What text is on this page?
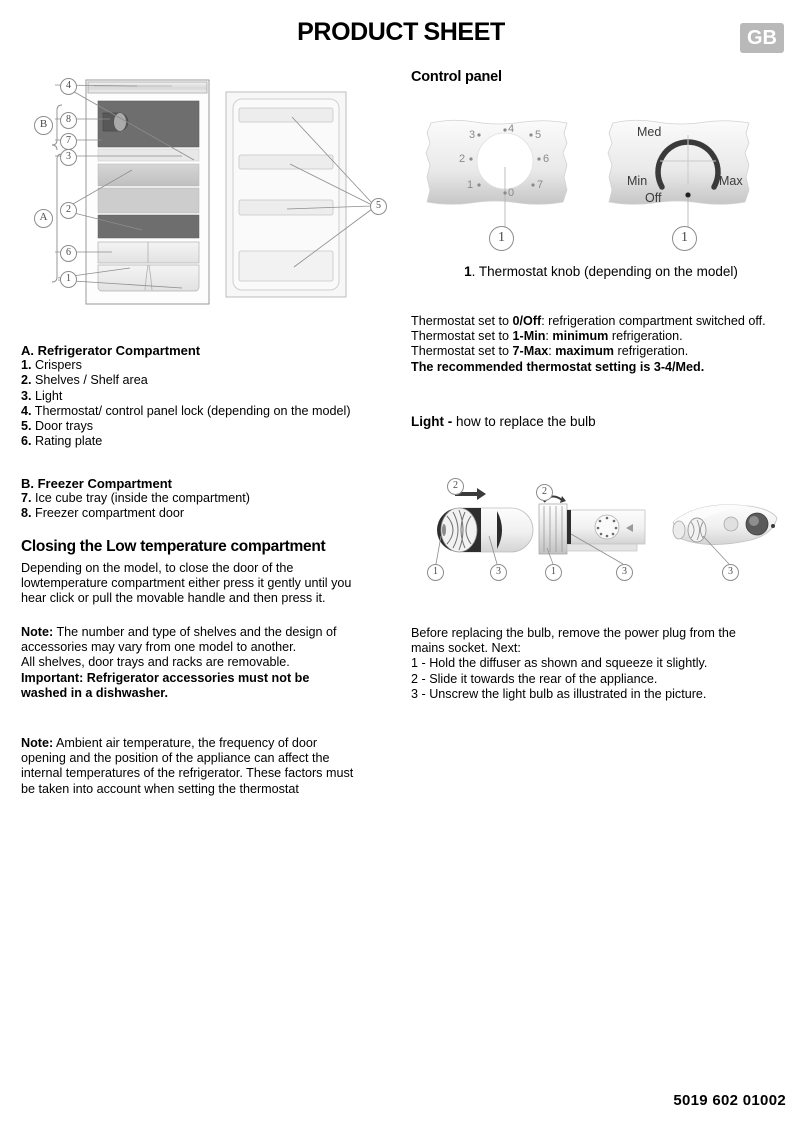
PRODUCT SHEET	GB
4
8
7
3
2
6
1
5
B
A
Control panel
4
3	5
2	6
1	7
0
Med
Min	Max
Off
1	1
1. Thermostat knob (depending on the model)
Thermostat set to 0/Off: refrigeration compartment switched off.
Thermostat set to 1-Min: minimum refrigeration.
Thermostat set to 7-Max: maximum refrigeration.
The recommended thermostat setting is 3-4/Med.
Light - how to replace the bulb
2
1	3
2
1	3	3
Before replacing the bulb, remove the power plug from the
mains socket. Next:
1 - Hold the diffuser as shown and squeeze it slightly.
2 - Slide it towards the rear of the appliance.
3 - Unscrew the light bulb as illustrated in the picture.
A. Refrigerator Compartment
1. Crispers
2. Shelves / Shelf area
3. Light
4. Thermostat/ control panel lock (depending on the model)
5. Door trays
6. Rating plate
B. Freezer Compartment
7. Ice cube tray (inside the compartment)
8. Freezer compartment door
Closing the Low temperature compartment
Depending on the model, to close the door of the
lowtemperature compartment either press it gently until you
hear click or pull the movable handle and then press it.
Note: The number and type of shelves and the design of
accessories may vary from one model to another.
All shelves, door trays and racks are removable.
Important: Refrigerator accessories must not be
washed in a dishwasher.
Note: Ambient air temperature, the frequency of door
opening and the position of the appliance can affect the
internal temperatures of the refrigerator. These factors must
be taken into account when setting the thermostat
5019 602 01002
